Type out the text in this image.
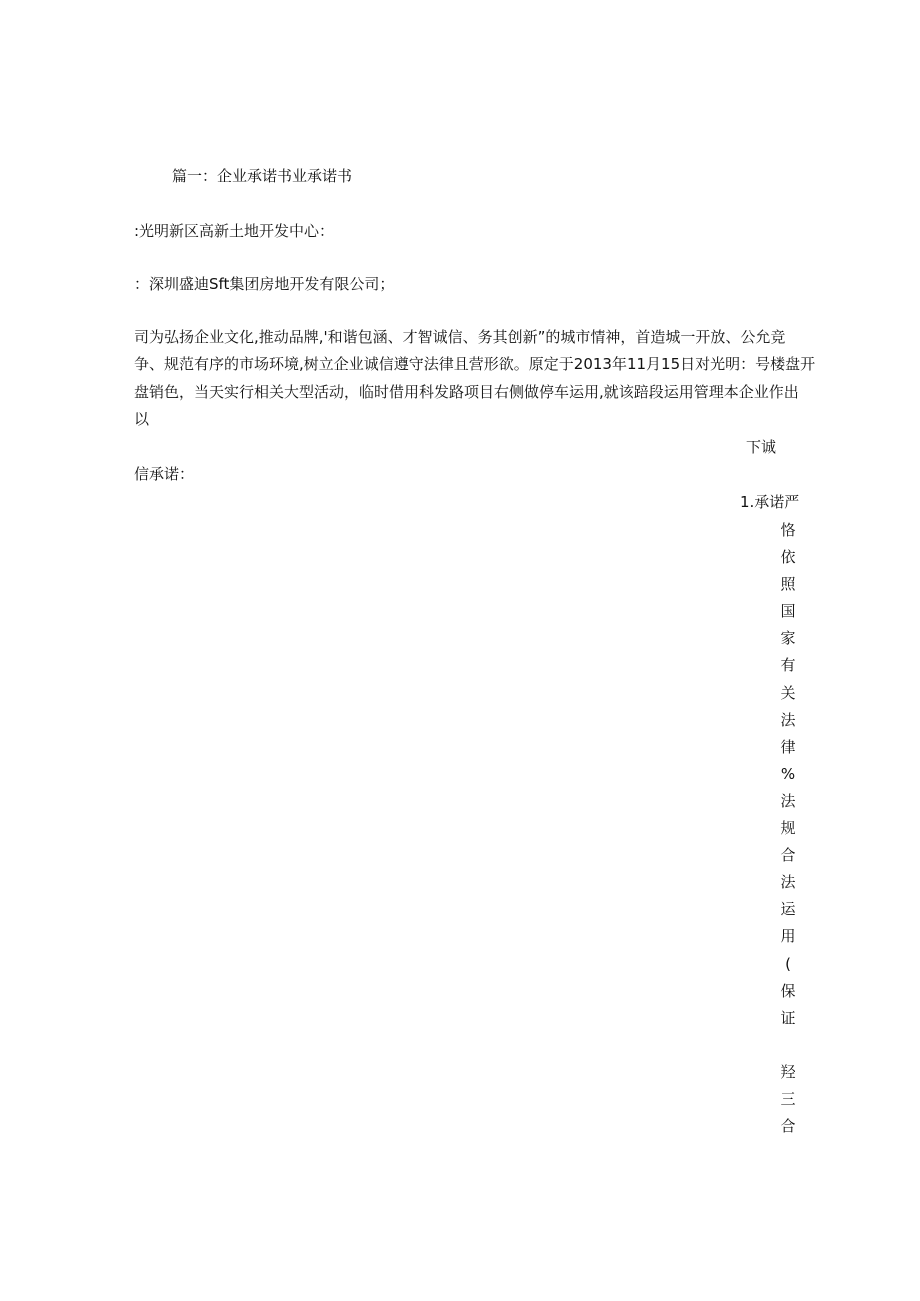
篇一：企业承诺书业承诺书
:光明新区高新土地开发中心：
：深圳盛迪Sft集团房地开发有限公司；
司为弘扬企业文化,推动品牌,'和谐包涵、才智诚信、务其创新”的城市情神，首造城一开放、公允竞
争、规范有序的市场环境,树立企业诚信遵守法律且营形欲。原定于2013年11月15日对光明：号楼盘开
盘销色，当天实行相关大型活动，临时借用科发路项目右侧做停车运用,就该踣段运用管理本企业作出
以
下诚
信承诺：
1.承诺严
恪
依
照
国
家
有
关
法
律
%
法
规
合
法
运
用
(
保
证
羟
三
合
